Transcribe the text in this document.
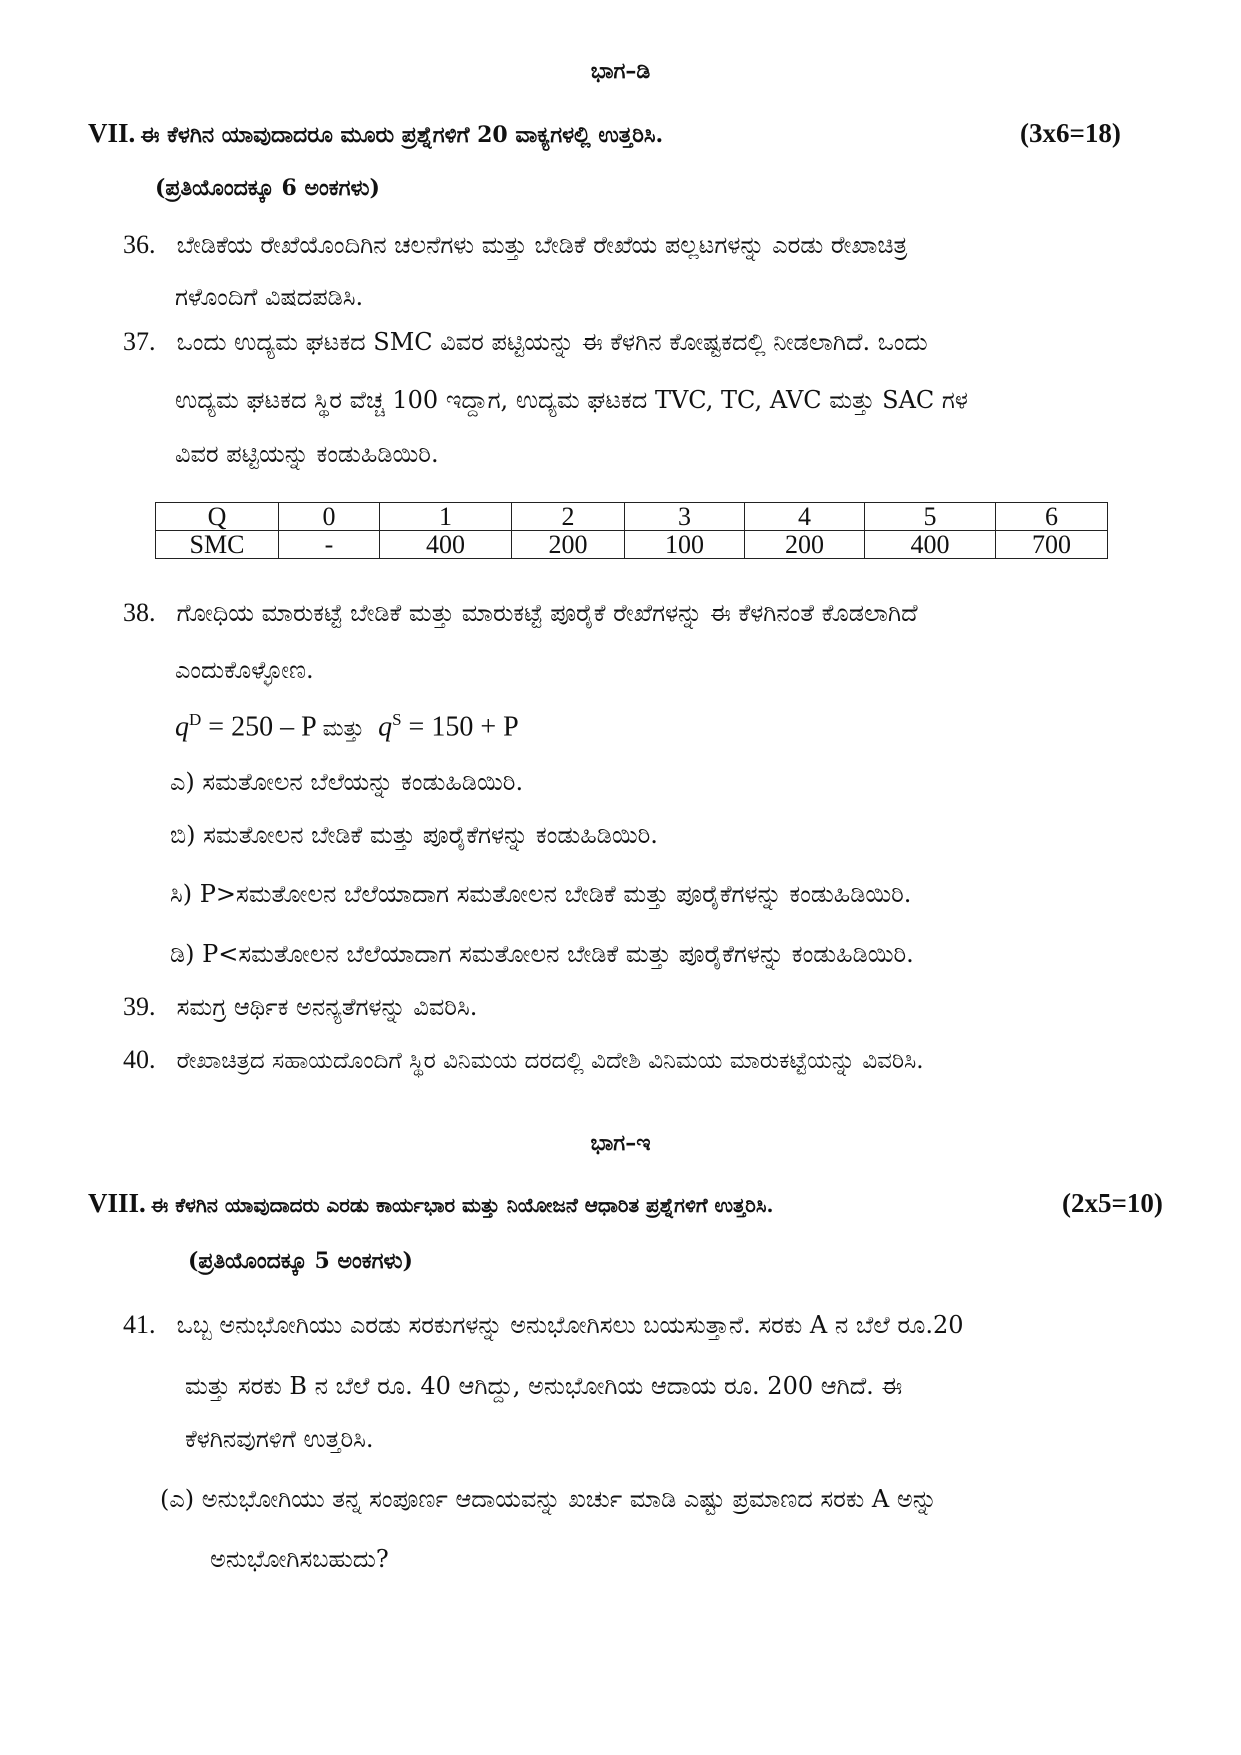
ಭಾಗ–ಡಿ
VII. ಈ ಕೆಳಗಿನ ಯಾವುದಾದರೂ ಮೂರು ಪ್ರಶ್ನೆಗಳಿಗೆ 20 ವಾಕ್ಯಗಳಲ್ಲಿ ಉತ್ತರಿಸಿ.	(3x6=18)
(ಪ್ರತಿಯೊಂದಕ್ಕೂ 6 ಅಂಕಗಳು)
36. ಬೇಡಿಕೆಯ ರೇಖೆಯೊಂದಿಗಿನ ಚಲನೆಗಳು ಮತ್ತು ಬೇಡಿಕೆ ರೇಖೆಯ ಪಲ್ಲಟಗಳನ್ನು ಎರಡು ರೇಖಾಚಿತ್ರ
ಗಳೊಂದಿಗೆ ವಿಷದಪಡಿಸಿ.
37. ಒಂದು ಉದ್ಯಮ ಘಟಕದ SMC ವಿವರ ಪಟ್ಟಿಯನ್ನು ಈ ಕೆಳಗಿನ ಕೋಷ್ಟಕದಲ್ಲಿ ನೀಡಲಾಗಿದೆ. ಒಂದು
ಉದ್ಯಮ ಘಟಕದ ಸ್ಥಿರ ವೆಚ್ಚ 100 ಇದ್ದಾಗ, ಉದ್ಯಮ ಘಟಕದ TVC, TC, AVC ಮತ್ತು SAC ಗಳ
ವಿವರ ಪಟ್ಟಿಯನ್ನು ಕಂಡುಹಿಡಿಯಿರಿ.
Q	0	1	2	3	4	5	6
SMC	-	400	200	100	200	400	700
38. ಗೋಧಿಯ ಮಾರುಕಟ್ಟೆ ಬೇಡಿಕೆ ಮತ್ತು ಮಾರುಕಟ್ಟೆ ಪೂರೈಕೆ ರೇಖೆಗಳನ್ನು ಈ ಕೆಳಗಿನಂತೆ ಕೊಡಲಾಗಿದೆ
ಎಂದುಕೊಳ್ಳೋಣ.
$q^D = 250 - P$ ಮತ್ತು $q^S = 150 + P$
ಎ) ಸಮತೋಲನ ಬೆಲೆಯನ್ನು ಕಂಡುಹಿಡಿಯಿರಿ.
ಬಿ) ಸಮತೋಲನ ಬೇಡಿಕೆ ಮತ್ತು ಪೂರೈಕೆಗಳನ್ನು ಕಂಡುಹಿಡಿಯಿರಿ.
ಸಿ) P>ಸಮತೋಲನ ಬೆಲೆಯಾದಾಗ ಸಮತೋಲನ ಬೇಡಿಕೆ ಮತ್ತು ಪೂರೈಕೆಗಳನ್ನು ಕಂಡುಹಿಡಿಯಿರಿ.
ಡಿ) P<ಸಮತೋಲನ ಬೆಲೆಯಾದಾಗ ಸಮತೋಲನ ಬೇಡಿಕೆ ಮತ್ತು ಪೂರೈಕೆಗಳನ್ನು ಕಂಡುಹಿಡಿಯಿರಿ.
39. ಸಮಗ್ರ ಆರ್ಥಿಕ ಅನನ್ಯತೆಗಳನ್ನು ವಿವರಿಸಿ.
40. ರೇಖಾಚಿತ್ರದ ಸಹಾಯದೊಂದಿಗೆ ಸ್ಥಿರ ವಿನಿಮಯ ದರದಲ್ಲಿ ವಿದೇಶಿ ವಿನಿಮಯ ಮಾರುಕಟ್ಟೆಯನ್ನು ವಿವರಿಸಿ.
ಭಾಗ–ಇ
VIII. ಈ ಕೆಳಗಿನ ಯಾವುದಾದರು ಎರಡು ಕಾರ್ಯಭಾರ ಮತ್ತು ನಿಯೋಜನೆ ಆಧಾರಿತ ಪ್ರಶ್ನೆಗಳಿಗೆ ಉತ್ತರಿಸಿ.	(2x5=10)
(ಪ್ರತಿಯೊಂದಕ್ಕೂ 5 ಅಂಕಗಳು)
41. ಒಬ್ಬ ಅನುಭೋಗಿಯು ಎರಡು ಸರಕುಗಳನ್ನು ಅನುಭೋಗಿಸಲು ಬಯಸುತ್ತಾನೆ. ಸರಕು A ನ ಬೆಲೆ ರೂ.20
ಮತ್ತು ಸರಕು B ನ ಬೆಲೆ ರೂ. 40 ಆಗಿದ್ದು, ಅನುಭೋಗಿಯ ಆದಾಯ ರೂ. 200 ಆಗಿದೆ. ಈ
ಕೆಳಗಿನವುಗಳಿಗೆ ಉತ್ತರಿಸಿ.
(ಎ) ಅನುಭೋಗಿಯು ತನ್ನ ಸಂಪೂರ್ಣ ಆದಾಯವನ್ನು ಖರ್ಚು ಮಾಡಿ ಎಷ್ಟು ಪ್ರಮಾಣದ ಸರಕು A ಅನ್ನು
ಅನುಭೋಗಿಸಬಹುದು?
